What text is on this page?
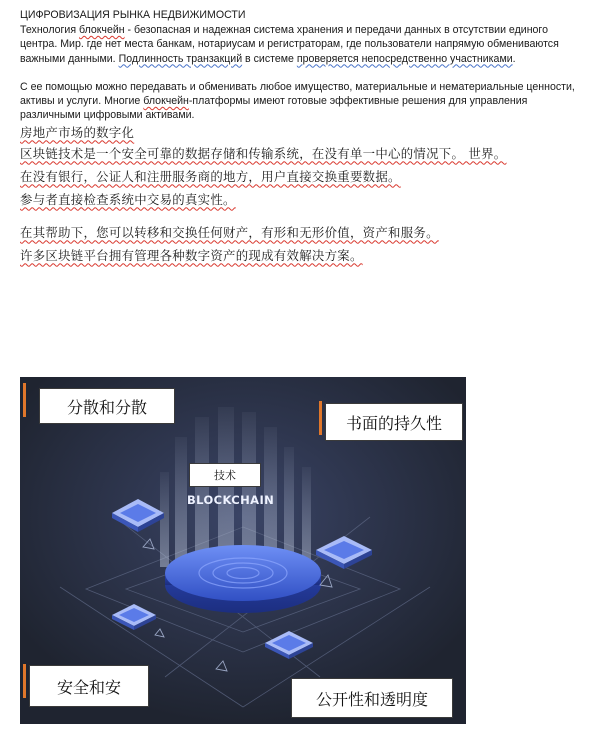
ЦИФРОВИЗАЦИЯ РЫНКА НЕДВИЖИМОСТИ

Технология блокчейн - безопасная и надежная система хранения и передачи данных в отсутствии единого центра. Мир. где нет места банкам, нотариусам и регистраторам, где пользователи напрямую обмениваются важными данными. Подлинность транзакций в системе проверяется непосредственно участниками.

С ее помощью можно передавать и обменивать любое имущество, материальные и нематериальные ценности, активы и услуги. Многие блокчейн-платформы имеют готовые эффективные решения для управления различными цифровыми активами.

房地产市场的数字化

区块链技术是一个安全可靠的数据存储和传输系统，在没有单一中心的情况下。 世界。

在没有银行，公证人和注册服务商的地方，用户直接交换重要数据。

参与者直接检查系统中交易的真实性。

在其帮助下，您可以转移和交换任何财产，有形和无形价值，资产和服务。

许多区块链平台拥有管理各种数字资产的现成有效解决方案。

分散和分散
书面的持久性
技术
BLOCKCHAIN
安全和安
公开性和透明度
